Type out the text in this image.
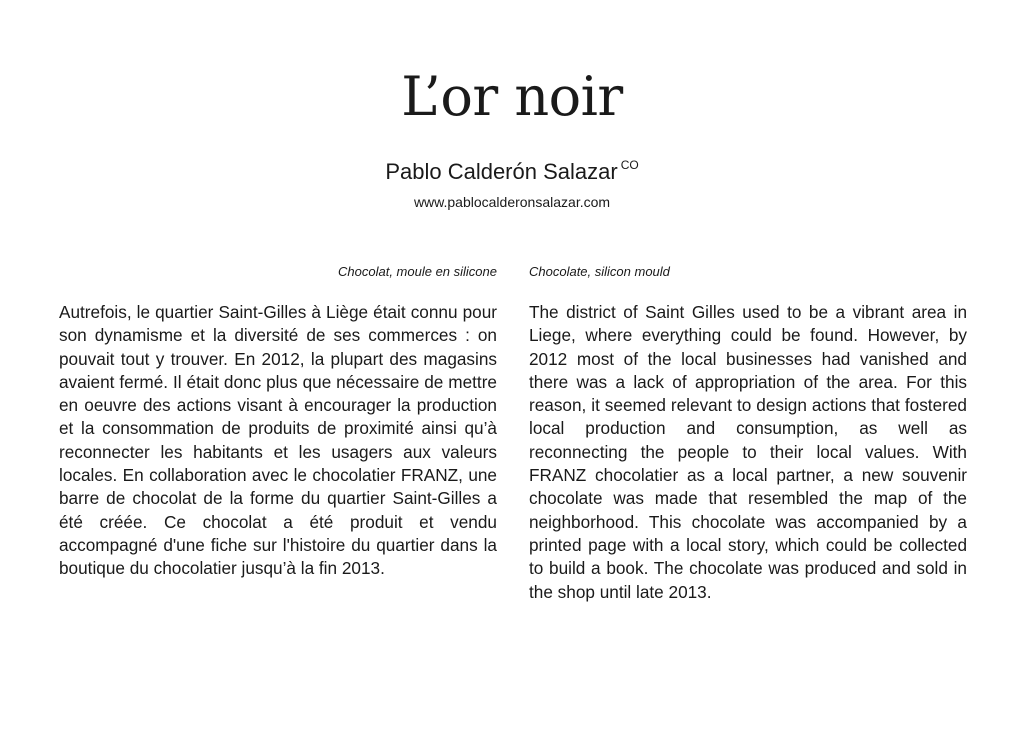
L’or noir
Pablo Calderón Salazar $^{CO}$
www.pablocalderonsalazar.com
Chocolat, moule en silicone Chocolate, silicon mould

Autrefois, le quartier Saint-Gilles à Liège était connu pour son dynamisme et la diversité de ses commerces : on pouvait tout y trouver. En 2012, la plupart des magasins avaient fermé. Il était donc plus que nécessaire de mettre en oeuvre des actions visant à encourager la production et la consommation de produits de proximité ainsi qu’à reconnecter les habitants et les usagers aux valeurs locales. En collaboration avec le chocolatier FRANZ, une barre de chocolat de la forme du quartier Saint-Gilles a été créée. Ce chocolat a été produit et vendu accompagné d'une fiche sur l'histoire du quartier dans la boutique du chocolatier jusqu’à la fin 2013.

The district of Saint Gilles used to be a vibrant area in Liege, where everything could be found. However, by 2012 most of the local businesses had vanished and there was a lack of appropriation of the area. For this reason, it seemed relevant to design actions that fostered local production and consumption, as well as reconnecting the people to their local values. With FRANZ chocolatier as a local partner, a new souvenir chocolate was made that resembled the map of the neighborhood. This chocolate was accompanied by a printed page with a local story, which could be collected to build a book. The chocolate was produced and sold in the shop until late 2013.
